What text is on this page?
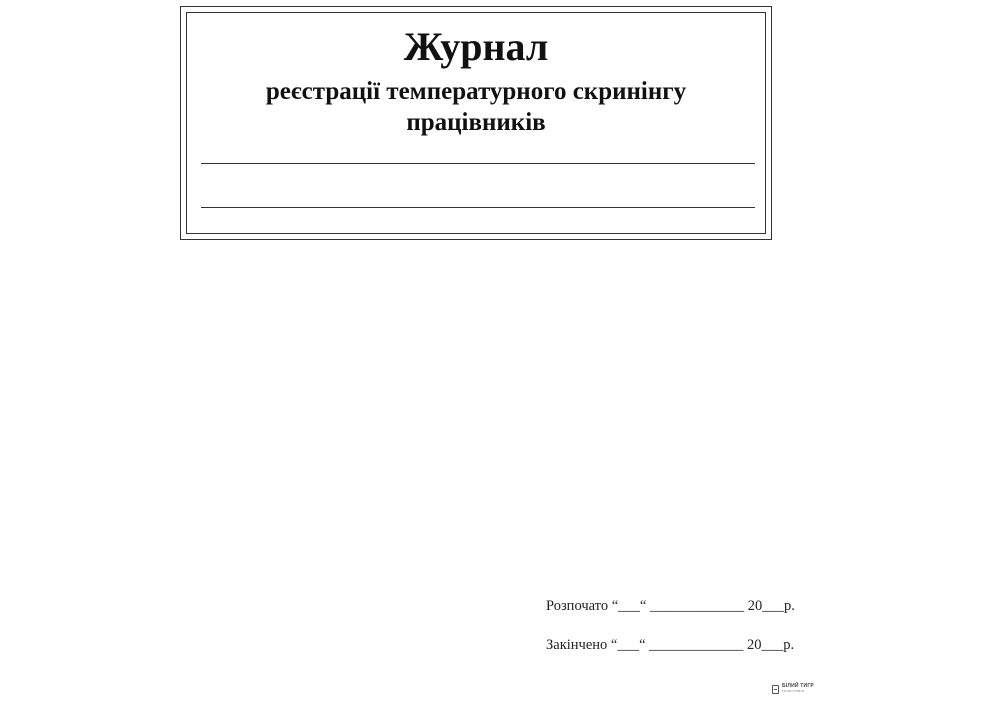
Журнал
реєстрації температурного скринінгу
працівників
Розпочато “___“ _____________ 20___р.
Закінчено “___“ _____________ 20___р.
БІЛИЙ ТИГР
ТИПОГРАФІЯ
